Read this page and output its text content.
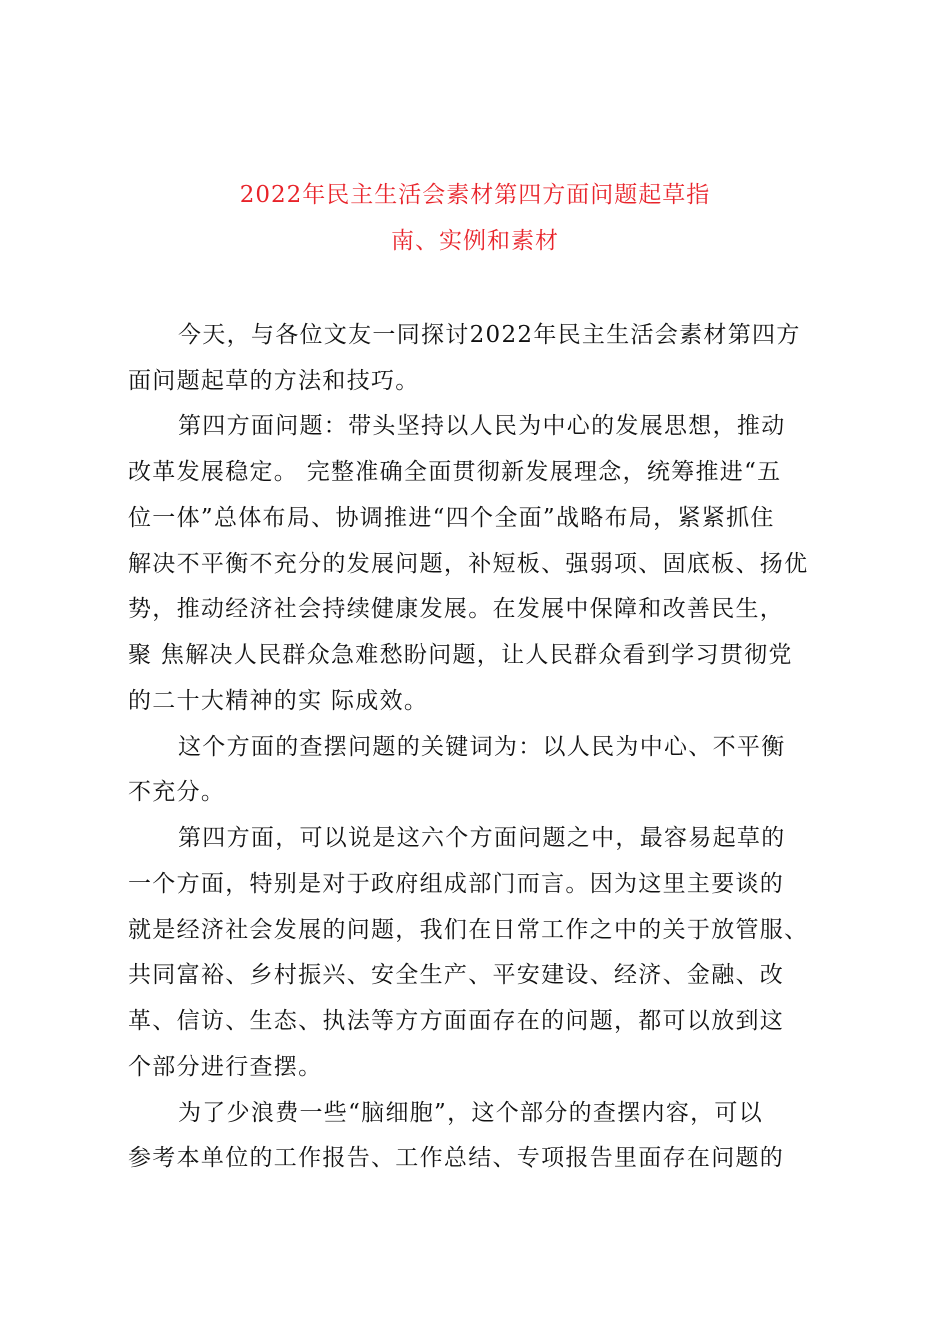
2022年民主生活会素材第四方面问题起草指
南、实例和素材
今天，与各位文友一同探讨2022年民主生活会素材第四方
面问题起草的方法和技巧。
第四方面问题：带头坚持以人民为中心的发展思想，推动
改革发展稳定。 完整准确全面贯彻新发展理念，统筹推进“五
位一体”总体布局、协调推进“四个全面”战略布局，紧紧抓住
解决不平衡不充分的发展问题，补短板、强弱项、固底板、扬优
势，推动经济社会持续健康发展。在发展中保障和改善民生，
聚 焦解决人民群众急难愁盼问题，让人民群众看到学习贯彻党
的二十大精神的实 际成效。
这个方面的查摆问题的关键词为：以人民为中心、不平衡
不充分。
第四方面，可以说是这六个方面问题之中，最容易起草的
一个方面，特别是对于政府组成部门而言。因为这里主要谈的
就是经济社会发展的问题，我们在日常工作之中的关于放管服、
共同富裕、乡村振兴、安全生产、平安建设、经济、金融、改
革、信访、生态、执法等方方面面存在的问题，都可以放到这
个部分进行查摆。
为了少浪费一些“脑细胞”，这个部分的查摆内容，可以
参考本单位的工作报告、工作总结、专项报告里面存在问题的
